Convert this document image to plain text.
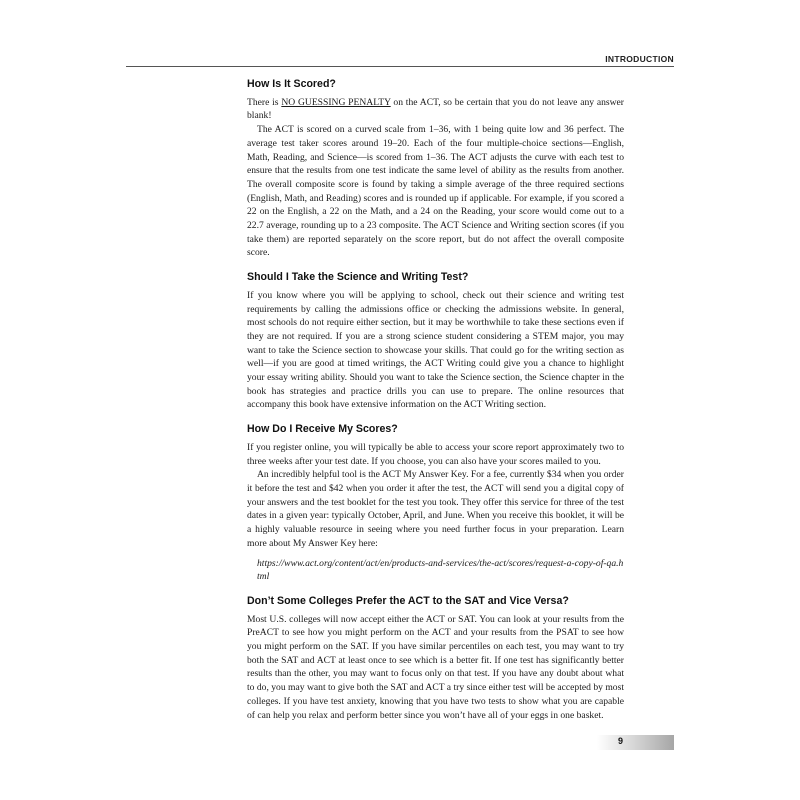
INTRODUCTION
How Is It Scored?

There is NO GUESSING PENALTY on the ACT, so be certain that you do not leave any answer blank!

The ACT is scored on a curved scale from 1–36, with 1 being quite low and 36 perfect. The average test taker scores around 19–20. Each of the four multiple-choice sections—English, Math, Reading, and Science—is scored from 1–36. The ACT adjusts the curve with each test to ensure that the results from one test indicate the same level of ability as the results from another. The overall composite score is found by taking a simple average of the three required sections (English, Math, and Reading) scores and is rounded up if applicable. For example, if you scored a 22 on the English, a 22 on the Math, and a 24 on the Reading, your score would come out to a 22.7 average, rounding up to a 23 composite. The ACT Science and Writing section scores (if you take them) are reported separately on the score report, but do not affect the overall composite score.

Should I Take the Science and Writing Test?

If you know where you will be applying to school, check out their science and writing test requirements by calling the admissions office or checking the admissions website. In general, most schools do not require either section, but it may be worthwhile to take these sections even if they are not required. If you are a strong science student considering a STEM major, you may want to take the Science section to showcase your skills. That could go for the writing section as well—if you are good at timed writings, the ACT Writing could give you a chance to highlight your essay writing ability. Should you want to take the Science section, the Science chapter in the book has strategies and practice drills you can use to prepare. The online resources that accompany this book have extensive information on the ACT Writing section.

How Do I Receive My Scores?

If you register online, you will typically be able to access your score report approximately two to three weeks after your test date. If you choose, you can also have your scores mailed to you.

An incredibly helpful tool is the ACT My Answer Key. For a fee, currently $34 when you order it before the test and $42 when you order it after the test, the ACT will send you a digital copy of your answers and the test booklet for the test you took. They offer this service for three of the test dates in a given year: typically October, April, and June. When you receive this booklet, it will be a highly valuable resource in seeing where you need further focus in your preparation. Learn more about My Answer Key here:

https://www.act.org/content/act/en/products-and-services/the-act/scores/request-a-copy-of-qa.html

Don’t Some Colleges Prefer the ACT to the SAT and Vice Versa?

Most U.S. colleges will now accept either the ACT or SAT. You can look at your results from the PreACT to see how you might perform on the ACT and your results from the PSAT to see how you might perform on the SAT. If you have similar percentiles on each test, you may want to try both the SAT and ACT at least once to see which is a better fit. If one test has significantly better results than the other, you may want to focus only on that test. If you have any doubt about what to do, you may want to give both the SAT and ACT a try since either test will be accepted by most colleges. If you have test anxiety, knowing that you have two tests to show what you are capable of can help you relax and perform better since you won’t have all of your eggs in one basket.

9
